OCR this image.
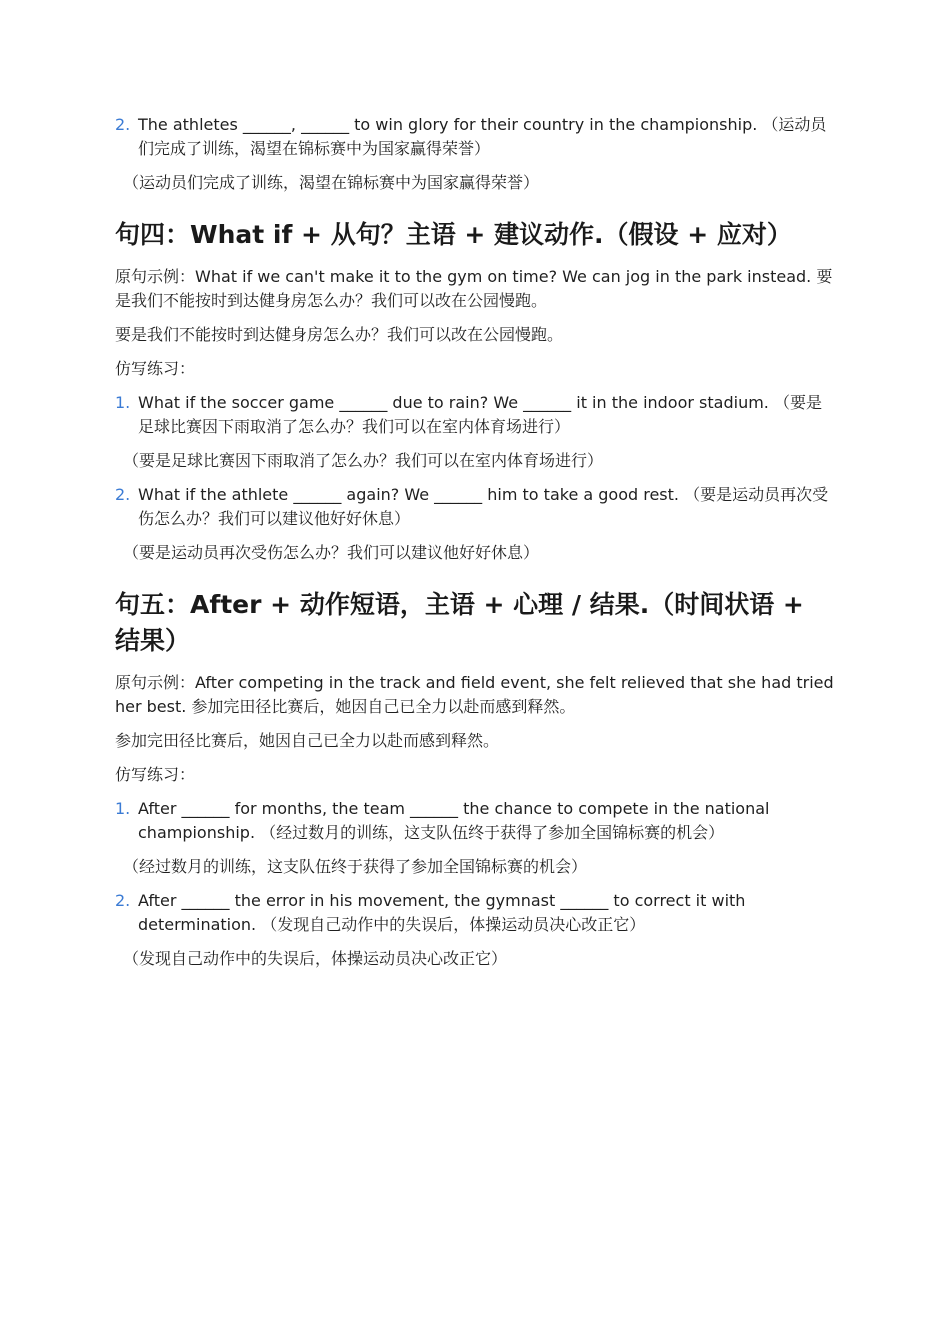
2. The athletes ______, ______ to win glory for their country in the championship. （运动员们完成了训练，渴望在锦标赛中为国家赢得荣誉）
（运动员们完成了训练，渴望在锦标赛中为国家赢得荣誉）
句四：What if + 从句？主语 + 建议动作.（假设 + 应对）
原句示例：What if we can't make it to the gym on time? We can jog in the park instead. 要是我们不能按时到达健身房怎么办？我们可以改在公园慢跑。
要是我们不能按时到达健身房怎么办？我们可以改在公园慢跑。
仿写练习：
1. What if the soccer game ______ due to rain? We ______ it in the indoor stadium. （要是足球比赛因下雨取消了怎么办？我们可以在室内体育场进行）
（要是足球比赛因下雨取消了怎么办？我们可以在室内体育场进行）
2. What if the athlete ______ again? We ______ him to take a good rest. （要是运动员再次受伤怎么办？我们可以建议他好好休息）
（要是运动员再次受伤怎么办？我们可以建议他好好休息）
句五：After + 动作短语，主语 + 心理 / 结果.（时间状语 + 结果）
原句示例：After competing in the track and field event, she felt relieved that she had tried her best. 参加完田径比赛后，她因自己已全力以赴而感到释然。
参加完田径比赛后，她因自己已全力以赴而感到释然。
仿写练习：
1. After ______ for months, the team ______ the chance to compete in the national championship. （经过数月的训练，这支队伍终于获得了参加全国锦标赛的机会）
（经过数月的训练，这支队伍终于获得了参加全国锦标赛的机会）
2. After ______ the error in his movement, the gymnast ______ to correct it with determination. （发现自己动作中的失误后，体操运动员决心改正它）
（发现自己动作中的失误后，体操运动员决心改正它）
